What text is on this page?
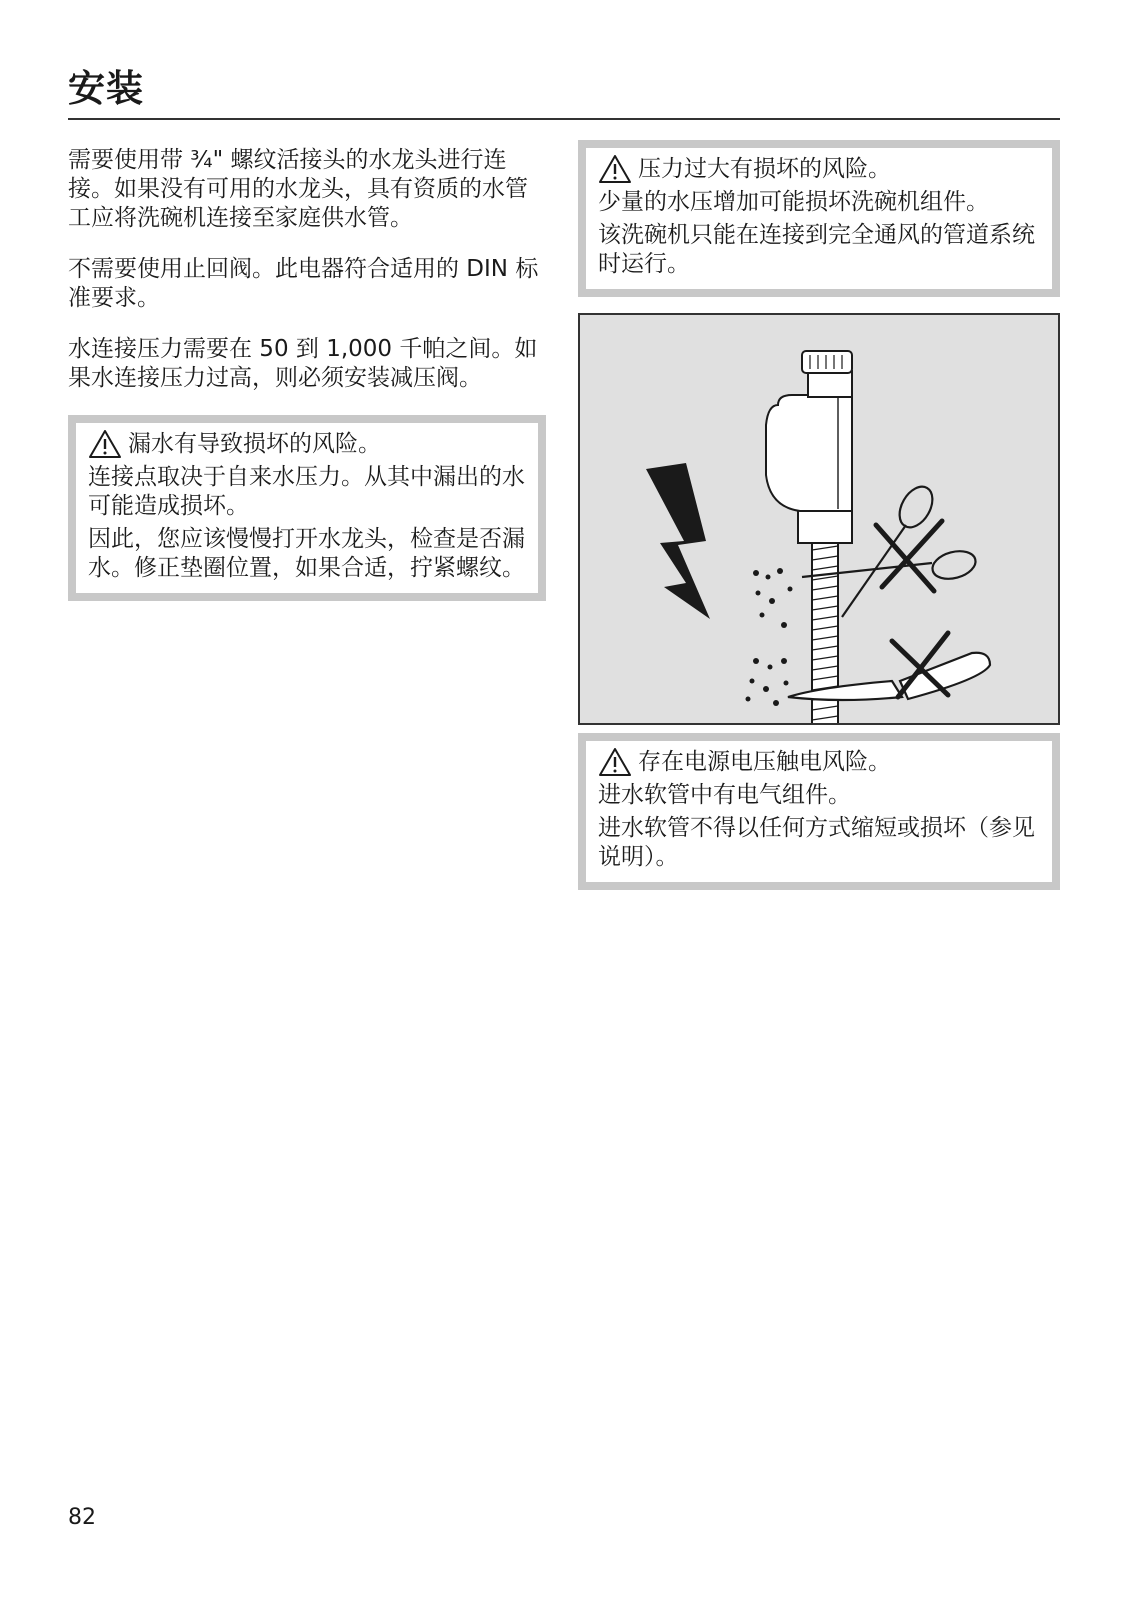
安装

需要使用带 ¾" 螺纹活接头的水龙头进行连接。如果没有可用的水龙头，具有资质的水管工应将洗碗机连接至家庭供水管。

不需要使用止回阀。此电器符合适用的 DIN 标准要求。

水连接压力需要在 50 到 1,000 千帕之间。如果水连接压力过高，则必须安装减压阀。

漏水有导致损坏的风险。

连接点取决于自来水压力。从其中漏出的水可能造成损坏。

因此，您应该慢慢打开水龙头，检查是否漏水。修正垫圈位置，如果合适，拧紧螺纹。

压力过大有损坏的风险。

少量的水压增加可能损坏洗碗机组件。

该洗碗机只能在连接到完全通风的管道系统时运行。

存在电源电压触电风险。

进水软管中有电气组件。

进水软管不得以任何方式缩短或损坏（参见说明）。

82
